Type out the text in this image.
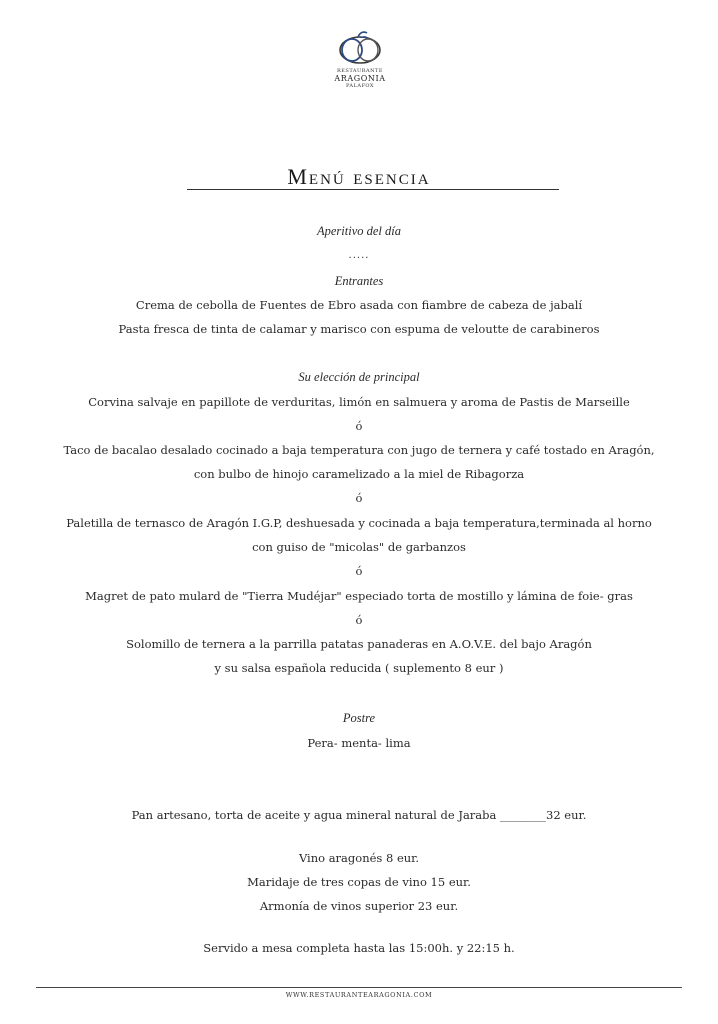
RESTAURANTE
ARAGONIA
PALAFOX
Menú esencia
Aperitivo del día
.....
Entrantes
Crema de cebolla de Fuentes de Ebro asada con fiambre de cabeza de jabalí
Pasta fresca de tinta de calamar y marisco con espuma de veloutte de carabineros
Su elección de principal
Corvina salvaje en papillote de verduritas, limón en salmuera y aroma de Pastis de Marseille
ó
Taco de bacalao desalado cocinado a baja temperatura con jugo de ternera y café tostado en Aragón,
con bulbo de hinojo caramelizado a la miel de Ribagorza
ó
Paletilla de ternasco de Aragón I.G.P, deshuesada y cocinada a baja temperatura,terminada al horno
con guiso de "micolas" de garbanzos
ó
Magret de pato mulard de "Tierra Mudéjar" especiado torta de mostillo y lámina de foie- gras
ó
Solomillo de ternera a la parrilla patatas panaderas en A.O.V.E. del bajo Aragón
y su salsa española reducida ( suplemento 8 eur )
Postre
Pera- menta- lima
Pan artesano, torta de aceite y agua mineral natural de Jaraba ________32 eur.
Vino aragonés 8 eur.
Maridaje de tres copas de vino 15 eur.
Armonía de vinos superior 23 eur.
Servido a mesa completa hasta las 15:00h. y 22:15 h.
WWW.RESTAURANTEARAGONIA.COM
